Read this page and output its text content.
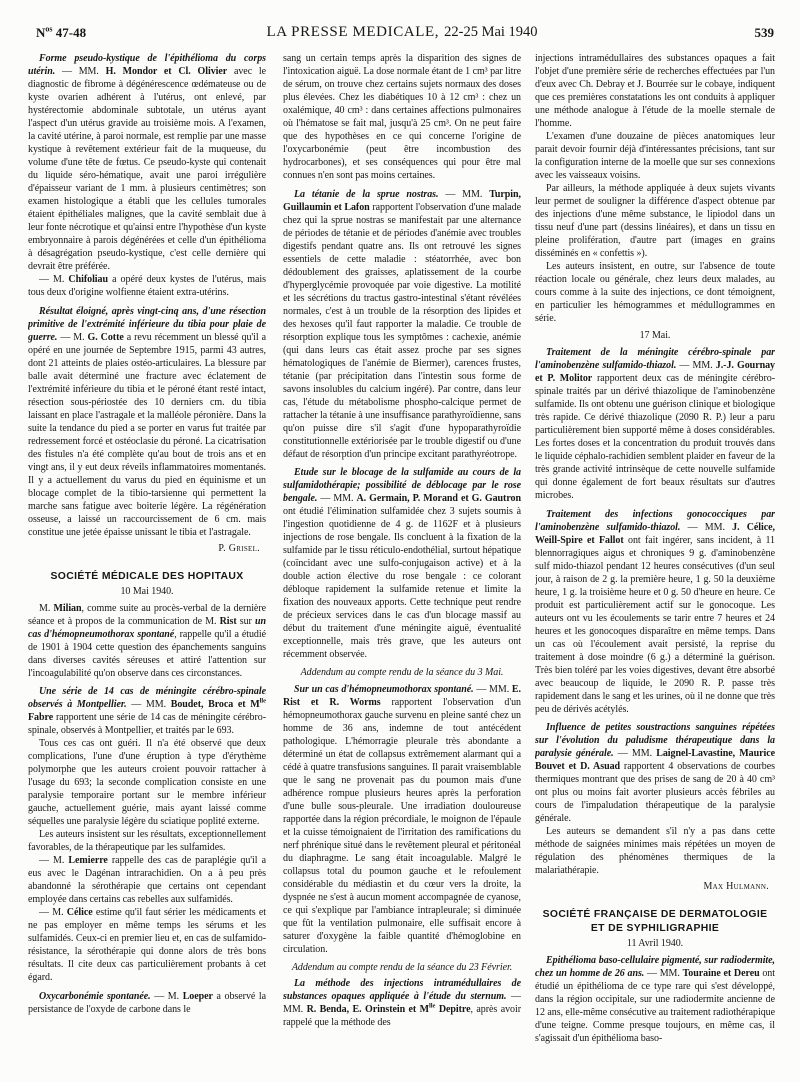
$N^{os}$ 47-48	LA PRESSE MEDICALE, 22-25 Mai 1940	539

Forme pseudo-kystique de l'épithélioma du corps utérin. — MM. H. Mondor et Cl. Olivier avec le diagnostic de fibrome à dégénérescence œdémateuse ou de kyste ovarien adhérent à l'utérus, ont enlevé, par hystérectomie abdominale subtotale, un utérus ayant l'aspect d'un utérus gravide au troisième mois. A l'examen, la cavité utérine, à paroi normale, est remplie par une masse kystique à revêtement extérieur fait de la muqueuse, du volume d'une tête de fœtus. Ce pseudo-kyste qui contenait du liquide séro-hématique, avait une paroi irrégulière d'épaisseur variant de 1 mm. à plusieurs centimètres; son examen histologique a établi que les cellules tumorales étaient épithéliales malignes, que la cavité semblait due à leur fonte nécrotique et qu'ainsi entre l'hypothèse d'un kyste embryonnaire à parois dégénérées et celle d'un épithélioma à désagrégation pseudo-kystique, c'est celle dernière qui devrait être préférée.

— M. Chifoliau a opéré deux kystes de l'utérus, mais tous deux d'origine wolfienne étaient extra-utérins.

Résultat éloigné, après vingt-cinq ans, d'une résection primitive de l'extrémité inférieure du tibia pour plaie de guerre. — M. G. Cotte a revu récemment un blessé qu'il a opéré en une journée de Septembre 1915, parmi 43 autres, dont 21 atteints de plaies ostéo-articulaires. La blessure par balle avait déterminé une fracture avec éclatement de l'extrémité inférieure du tibia et le péroné étant resté intact, résection sous-périostée des 10 derniers cm. du tibia laissant en place l'astragale et la malléole péronière. Dans la suite la tendance du pied a se porter en varus fut traitée par redressement forcé et ostéoclasie du péroné. La cicatrisation des fistules n'a été complète qu'au bout de trois ans et en vingt ans, il y eut deux réveils inflammatoires momentanés. Il y a actuellement du varus du pied en équinisme et un blocage complet de la tibio-tarsienne qui permettent la marche sans fatigue avec boiterie légère. La régénération osseuse, a laissé un raccourcissement de 6 cm. mais constitue une jetée épaisse unissant le tibia et l'astragale.

P. Grisel.
SOCIÉTÉ MÉDICALE DES HOPITAUX
10 Mai 1940.

M. Milian, comme suite au procès-verbal de la dernière séance et à propos de la communication de M. Rist sur un cas d'hémopneumothorax spontané, rappelle qu'il a étudié de 1901 à 1904 cette question des épanchements sanguins dans diverses cavités séreuses et attiré l'attention sur l'incoagulabilité qu'on observe dans ces circonstances.

Une série de 14 cas de méningite cérébro-spinale observés à Montpellier. — MM. Boudet, Broca et $M^{lle}$ Fabre rapportent une série de 14 cas de méningite cérébro-spinale, observés à Montpellier, et traités par le 693.

Tous ces cas ont guéri. Il n'a été observé que deux complications, l'une d'une éruption à type d'érythème polymorphe que les auteurs croient pouvoir rattacher à l'usage du 693; la seconde complication consiste en une paralysie temporaire portant sur le membre inférieur gauche, actuellement guérie, mais ayant laissé comme séquelles une paralysie légère du sciatique poplité externe.

Les auteurs insistent sur les résultats, exceptionnellement favorables, de la thérapeutique par les sulfamides.

— M. Lemierre rappelle des cas de paraplégie qu'il a eus avec le Dagénan intrarachidien. On a à peu près abandonné la sérothérapie que certains ont cependant employée dans certains cas rebelles aux sulfamidés.

— M. Célice estime qu'il faut sérier les médicaments et ne pas employer en même temps les sérums et les sulfamidés. Ceux-ci en premier lieu et, en cas de sulfamido-résistance, la sérothérapie qui donne alors de très bons résultats. Il cite deux cas particulièrement probants à cet égard.

Oxycarbonémie spontanée. — M. Loeper a observé la persistance de l'oxyde de carbone dans le

sang un certain temps après la disparition des signes de l'intoxication aiguë. La dose normale étant de 1 cm³ par litre de sérum, on trouve chez certains sujets normaux des doses plus élevées. Chez les diabétiques 10 à 12 cm³ : chez un oxalémique, 40 cm³ : dans certaines affections pulmonaires où l'hématose se fait mal, jusqu'à 25 cm³. On ne peut faire que des hypothèses en ce qui concerne l'origine de l'oxycarbonémie (peut être incombustion des hydrocarbones), et ses conséquences qui pour être mal connues n'en sont pas moins certaines.

La tétanie de la sprue nostras. — MM. Turpin, Guillaumin et Lafon rapportent l'observation d'une malade chez qui la sprue nostras se manifestait par une alternance de périodes de tétanie et de périodes d'anémie avec troubles digestifs pendant quatre ans. Ils ont retrouvé les signes essentiels de cette maladie : stéatorrhée, avec bon dédoublement des graisses, aplatissement de la courbe d'hyperglycémie provoquée par voie digestive. La motilité et les sécrétions du tractus gastro-intestinal s'étant révélées normales, c'est à un trouble de la résorption des lipides et des hexoses qu'il faut rapporter la maladie. Ce trouble de résorption explique tous les symptômes : cachexie, anémie (qui dans leurs cas était assez proche par ses signes hématologiques de l'anémie de Biermer), carences frustes, tétanie (par précipitation dans l'intestin sous forme de savons insolubles du calcium ingéré). Par contre, dans leur cas, l'étude du métabolisme phospho-calcique permet de rattacher la tétanie à une insuffisance parathyroïdienne, sans qu'on puisse dire s'il s'agit d'une hypoparathyroïdie constitutionnelle extériorisée par le trouble digestif ou d'une défaut de résorption d'un principe excitant parathyréotrope.

Etude sur le blocage de la sulfamide au cours de la sulfamidothérapie; possibilité de déblocage par le rose bengale. — MM. A. Germain, P. Morand et G. Gautron ont étudié l'élimination sulfamidée chez 3 sujets soumis à l'ingestion quotidienne de 4 g. de 1162F et à plusieurs injections de rose bengale. Ils concluent à la fixation de la sulfamide par le tissu réticulo-endothélial, surtout hépatique (coïncidant avec une sulfo-conjugaison active) et à la double action élective du rose bengale : ce colorant débloque rapidement la sulfamide retenue et limite la fixation des nouveaux apports. Cette technique peut rendre de précieux services dans le cas d'un blocage massif au début du traitement d'une méningite aiguë, éventualité exceptionnelle, mais très grave, que les auteurs ont récemment observée.

Addendum au compte rendu de la séance du 3 Mai.

Sur un cas d'hémopneumothorax spontané. — MM. E. Rist et R. Worms rapportent l'observation d'un hémopneumothorax gauche survenu en pleine santé chez un homme de 36 ans, indemne de tout antécédent pathologique. L'hémorragie pleurale très abondante a déterminé un état de collapsus extrêmement alarmant qui a cédé à quatre transfusions sanguines. Il parait vraisemblable que le sang ne provenait pas du poumon mais d'une adhérence rompue plusieurs heures après la perforation d'une bulle sous-pleurale. Une irradiation douloureuse rapportée dans la région précordiale, le moignon de l'épaule et la cuisse témoignaient de l'irritation des ramifications du nerf phrénique situé dans le revêtement pleural et péritonéal du diaphragme. Le sang était incoagulable. Malgré le collapsus total du poumon gauche et le refoulement considérable du médiastin et du cœur vers la droite, la dyspnée ne s'est à aucun moment accompagnée de cyanose, ce qui s'explique par l'ambiance intrapleurale; si diminuée que fût la ventilation pulmonaire, elle suffisait encore à saturer d'oxygène la faible quantité d'hémoglobine en circulation.

Addendum au compte rendu de la séance du 23 Février.

La méthode des injections intramédullaires de substances opaques appliquée à l'étude du sternum. — MM. R. Benda, E. Orinstein et $M^{lle}$ Depitre, après avoir rappelé que la méthode des

injections intramédullaires des substances opaques a fait l'objet d'une première série de recherches effectuées par l'un d'eux avec Ch. Debray et J. Bourrée sur le cobaye, indiquent que ces premières constatations les ont conduits à appliquer une méthode analogue à l'étude de la moelle sternale de l'homme.

L'examen d'une douzaine de pièces anatomiques leur parait devoir fournir déjà d'intéressantes précisions, tant sur la configuration interne de la moelle que sur ses connexions avec les vaisseaux voisins.

Par ailleurs, la méthode appliquée à deux sujets vivants leur permet de souligner la différence d'aspect obtenue par des injections d'une même substance, le lipiodol dans un tissu neuf d'une part (dessins linéaires), et dans un tissu en pleine prolifération, d'autre part (images en grains disséminés en « confettis »).

Les auteurs insistent, en outre, sur l'absence de toute réaction locale ou générale, chez leurs deux malades, au cours comme à la suite des injections, ce dont témoignent, en particulier les hémogrammes et médullogrammes en série.

17 Mai.

Traitement de la méningite cérébro-spinale par l'aminobenzène sulfamido-thiazol. — MM. J.-J. Gournay et P. Molitor rapportent deux cas de méningite cérébro-spinale traités par un dérivé thiazolique de l'aminobenzène sulfamide. Ils ont obtenu une guérison clinique et biologique très rapide. Ce dérivé thiazolique (2090 R. P.) leur a paru particulièrement bien supporté même à doses considérables. Les fortes doses et la concentration du produit trouvés dans le liquide céphalo-rachidien semblent plaider en faveur de la très grande activité intrinsèque de cette nouvelle sulfamide qui donne également de fort beaux résultats sur d'autres microbes.

Traitement des infections gonococciques par l'aminobenzène sulfamido-thiazol. — MM. J. Célice, Weill-Spire et Fallot ont fait ingérer, sans incident, à 11 blennorragiques aigus et chroniques 9 g. d'aminobenzène sulf mido-thiazol pendant 12 heures consécutives (d'un seul jour, à raison de 2 g. la première heure, 1 g. 50 la deuxième heure, 1 g. la troisième heure et 0 g. 50 d'heure en heure. Ce produit est particulièrement actif sur le gonocoque. Les auteurs ont vu les écoulements se tarir entre 7 heures et 24 heures et les gonocoques disparaître en même temps. Dans un cas où l'écoulement avait persisté, la reprise du traitement à dose moindre (6 g.) a déterminé la guérison. Très bien toléré par les voies digestives, devant être absorbé avec beaucoup de liquide, le 2090 R. P. passe très rapidement dans le sang et les urines, où il ne donne que très peu de dérivés acétylés.

Influence de petites soustractions sanguines répétées sur l'évolution du paludisme thérapeutique dans la paralysie générale. — MM. Laignel-Lavastine, Maurice Bouvet et D. Asuad rapportent 4 observations de courbes thermiques montrant que des prises de sang de 20 à 40 cm³ ont plus ou moins fait avorter plusieurs accès fébriles au cours de l'impaludation thérapeutique de la paralysie générale.

Les auteurs se demandent s'il n'y a pas dans cette méthode de saignées minimes mais répétées un moyen de régulation des phénomènes thermiques de la malariathérapie.

Max Hulmann.
SOCIÉTÉ FRANÇAISE DE DERMATOLOGIE
ET DE SYPHILIGRAPHIE
11 Avril 1940.

Epithélioma baso-cellulaire pigmenté, sur radiodermite, chez un homme de 26 ans. — MM. Touraine et Dereu ont étudié un épithélioma de ce type rare qui s'est développé, dans la région occipitale, sur une radiodermite ancienne de 12 ans, elle-même consécutive au traitement radiothérapique d'une teigne. Comme presque toujours, en même cas, il s'agissait d'un épithélioma baso-
